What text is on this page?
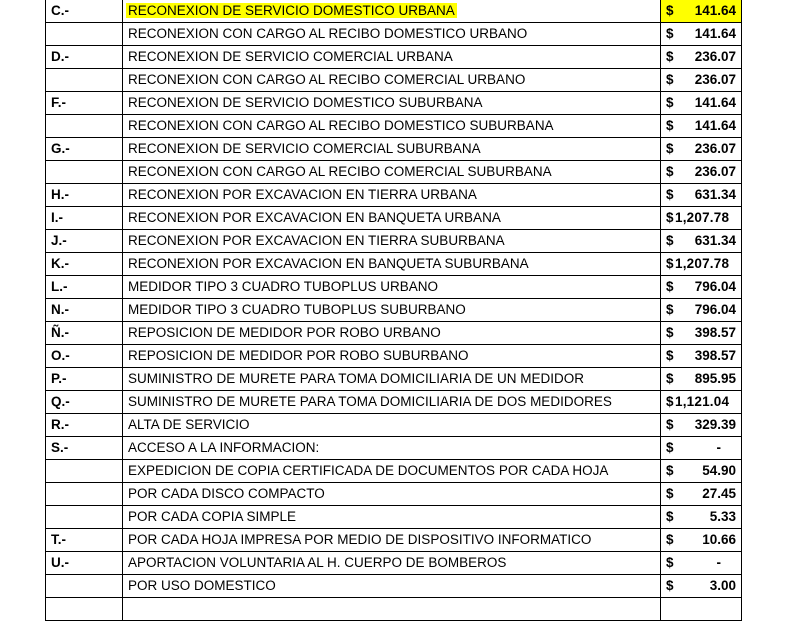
C.-	RECONEXION DE SERVICIO DOMESTICO URBANA	$ 141.64

	RECONEXION CON CARGO AL RECIBO DOMESTICO URBANO	$ 141.64

D.-	RECONEXION DE SERVICIO COMERCIAL URBANA	$ 236.07

	RECONEXION CON CARGO AL RECIBO COMERCIAL URBANO	$ 236.07

F.-	RECONEXION DE SERVICIO DOMESTICO SUBURBANA	$ 141.64

	RECONEXION CON CARGO AL RECIBO DOMESTICO SUBURBANA	$ 141.64

G.-	RECONEXION DE SERVICIO COMERCIAL SUBURBANA	$ 236.07

	RECONEXION CON CARGO AL RECIBO COMERCIAL SUBURBANA	$ 236.07

H.-	RECONEXION POR EXCAVACION EN TIERRA URBANA	$ 631.34

I.-	RECONEXION POR EXCAVACION EN BANQUETA URBANA	$ 1,207.78

J.-	RECONEXION POR EXCAVACION EN TIERRA SUBURBANA	$ 631.34

K.-	RECONEXION POR EXCAVACION EN BANQUETA SUBURBANA	$ 1,207.78

L.-	MEDIDOR TIPO 3 CUADRO TUBOPLUS URBANO	$ 796.04

N.-	MEDIDOR TIPO 3 CUADRO TUBOPLUS SUBURBANO	$ 796.04

Ñ.-	REPOSICION DE MEDIDOR POR ROBO URBANO	$ 398.57

O.-	REPOSICION DE MEDIDOR POR ROBO SUBURBANO	$ 398.57

P.-	SUMINISTRO DE MURETE PARA TOMA DOMICILIARIA DE UN MEDIDOR	$ 895.95

Q.-	SUMINISTRO DE MURETE PARA TOMA DOMICILIARIA DE DOS MEDIDORES	$ 1,121.04

R.-	ALTA DE SERVICIO	$ 329.39

S.-	ACCESO A LA INFORMACION:	$ -

	EXPEDICION DE COPIA CERTIFICADA DE DOCUMENTOS POR CADA HOJA	$ 54.90

	POR CADA DISCO COMPACTO	$ 27.45

	POR CADA COPIA SIMPLE	$ 5.33

T.-	POR CADA HOJA IMPRESA POR MEDIO DE DISPOSITIVO INFORMATICO	$ 10.66

U.-	APORTACION VOLUNTARIA AL H. CUERPO DE BOMBEROS	$ -

	POR USO DOMESTICO	$ 3.00
